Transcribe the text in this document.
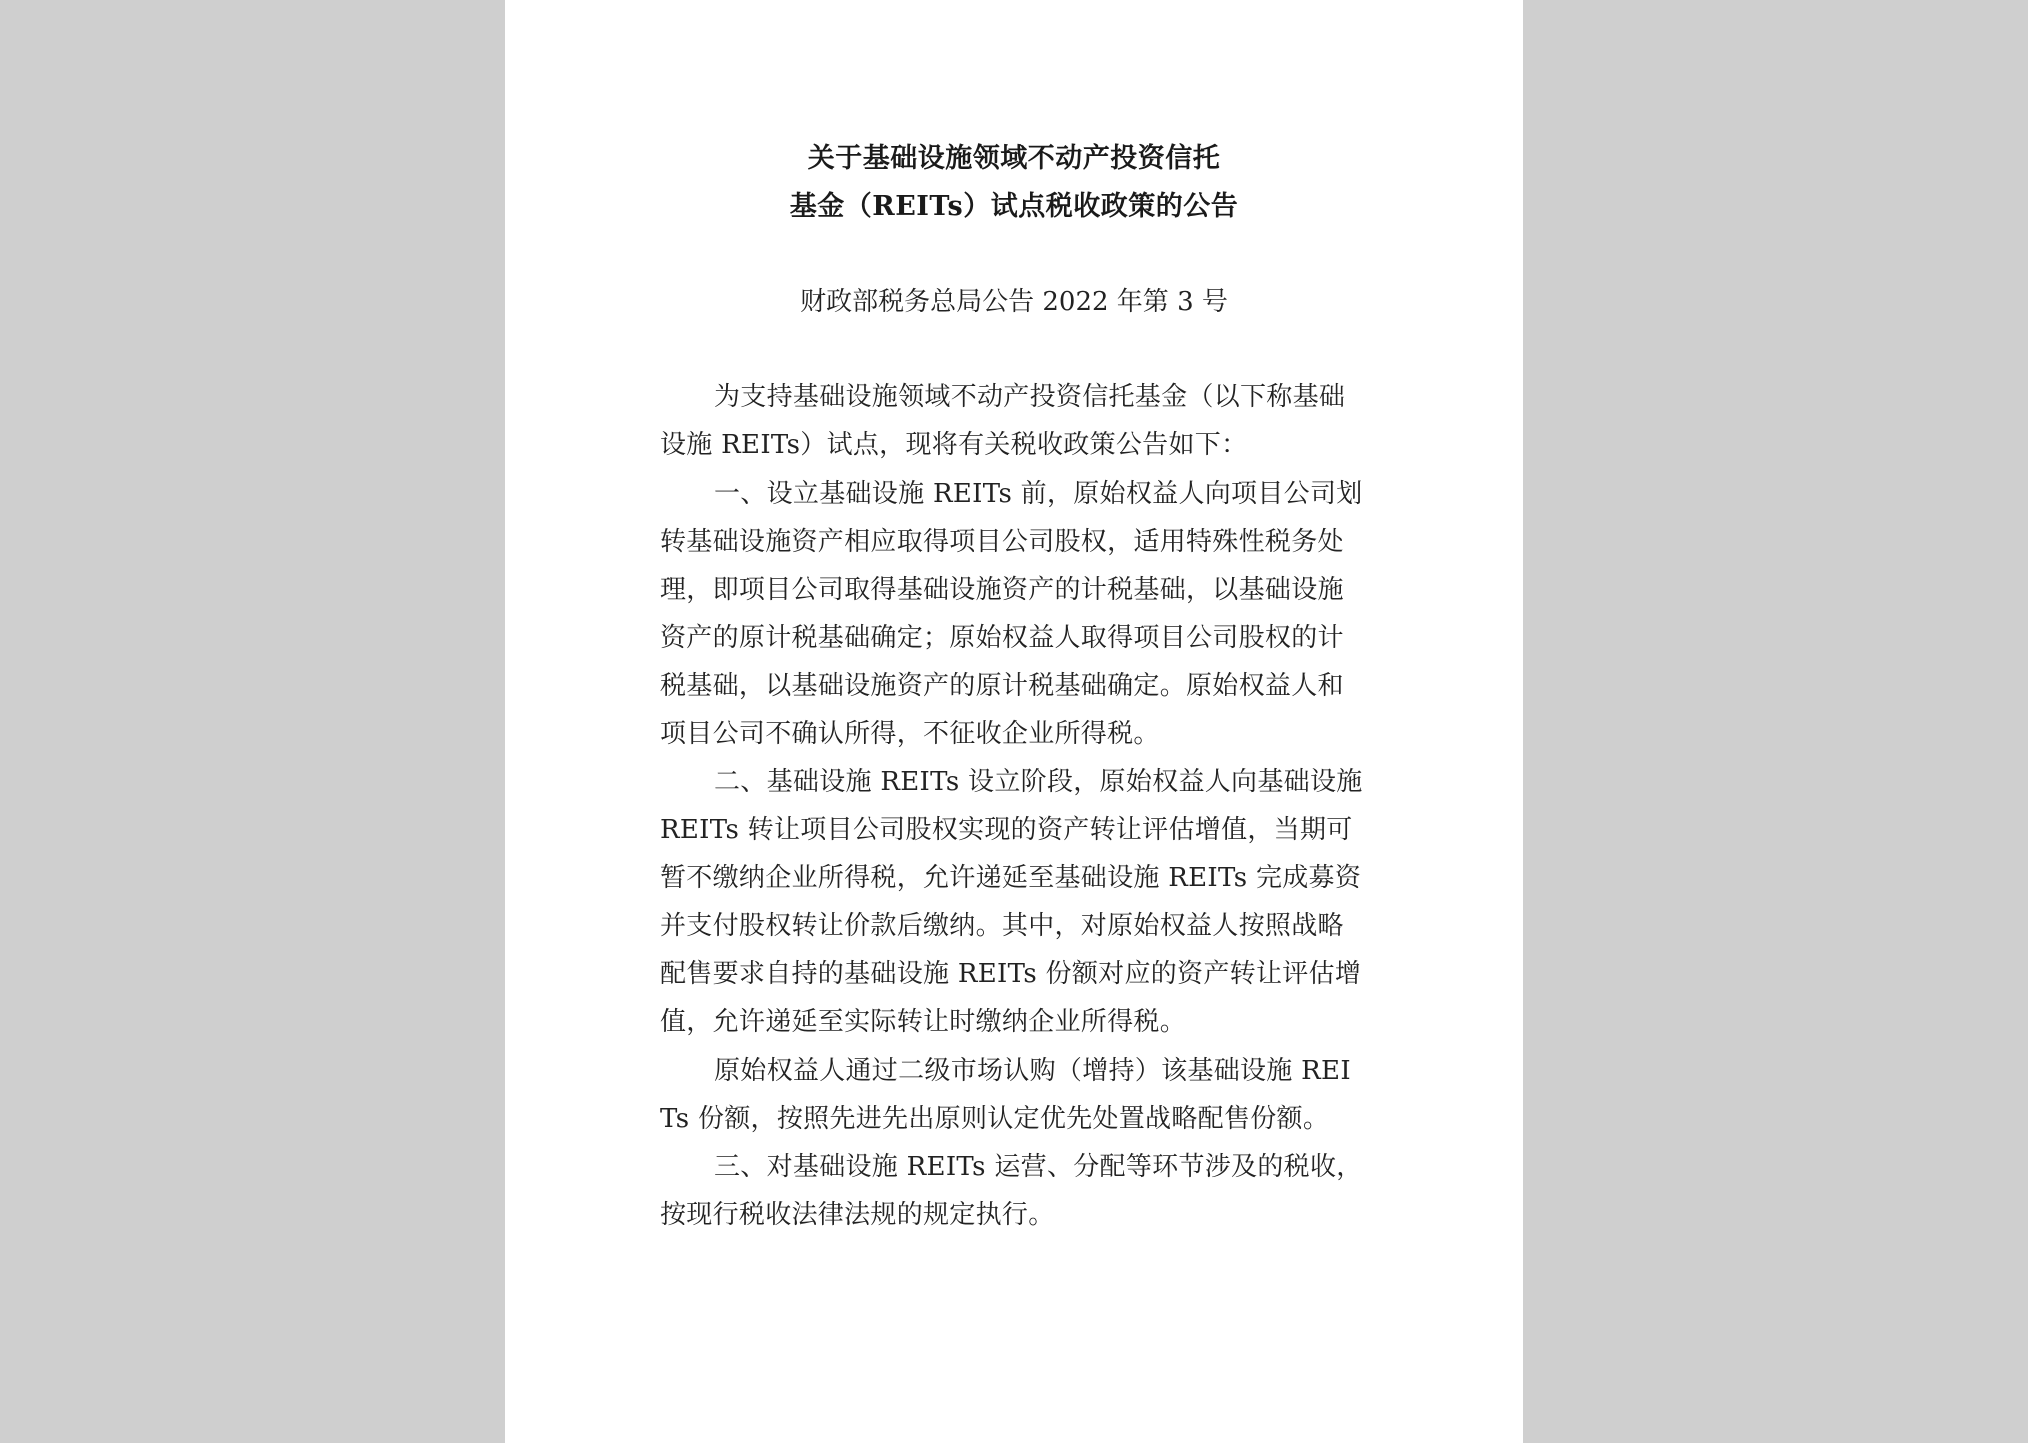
关于基础设施领域不动产投资信托
基金（REITs）试点税收政策的公告
财政部税务总局公告 2022 年第 3 号
为支持基础设施领域不动产投资信托基金（以下称基础
设施 REITs）试点，现将有关税收政策公告如下：
一、设立基础设施 REITs 前，原始权益人向项目公司划
转基础设施资产相应取得项目公司股权，适用特殊性税务处
理，即项目公司取得基础设施资产的计税基础，以基础设施
资产的原计税基础确定；原始权益人取得项目公司股权的计
税基础，以基础设施资产的原计税基础确定。原始权益人和
项目公司不确认所得，不征收企业所得税。
二、基础设施 REITs 设立阶段，原始权益人向基础设施
REITs 转让项目公司股权实现的资产转让评估增值，当期可
暂不缴纳企业所得税，允许递延至基础设施 REITs 完成募资
并支付股权转让价款后缴纳。其中，对原始权益人按照战略
配售要求自持的基础设施 REITs 份额对应的资产转让评估增
值，允许递延至实际转让时缴纳企业所得税。
原始权益人通过二级市场认购（增持）该基础设施 REI
Ts 份额，按照先进先出原则认定优先处置战略配售份额。
三、对基础设施 REITs 运营、分配等环节涉及的税收，
按现行税收法律法规的规定执行。
